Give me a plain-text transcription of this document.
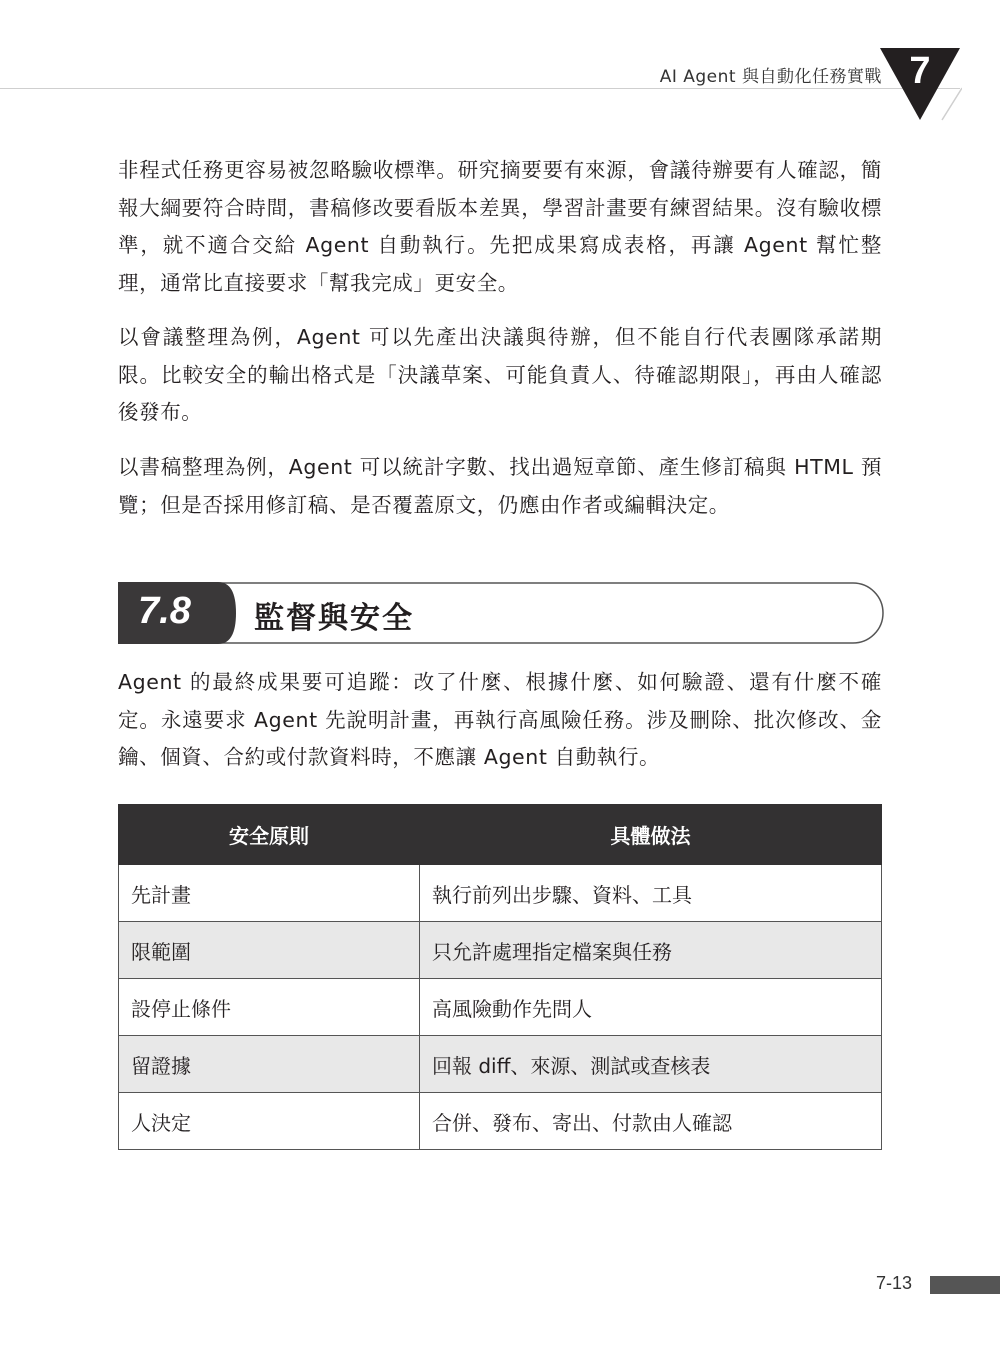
AI Agent 與自動化任務實戰 7

非程式任務更容易被忽略驗收標準。研究摘要要有來源，會議待辦要有人確認，簡報大綱要符合時間，書稿修改要看版本差異，學習計畫要有練習結果。沒有驗收標準，就不適合交給 Agent 自動執行。先把成果寫成表格，再讓 Agent 幫忙整理，通常比直接要求「幫我完成」更安全。

以會議整理為例，Agent 可以先產出決議與待辦，但不能自行代表團隊承諾期限。比較安全的輸出格式是「決議草案、可能負責人、待確認期限」，再由人確認後發布。

以書稿整理為例，Agent 可以統計字數、找出過短章節、產生修訂稿與 HTML 預覽；但是否採用修訂稿、是否覆蓋原文，仍應由作者或編輯決定。

7.8	監督與安全

Agent 的最終成果要可追蹤：改了什麼、根據什麼、如何驗證、還有什麼不確定。永遠要求 Agent 先說明計畫，再執行高風險任務。涉及刪除、批次修改、金鑰、個資、合約或付款資料時，不應讓 Agent 自動執行。

安全原則	具體做法
先計畫	執行前列出步驟、資料、工具
限範圍	只允許處理指定檔案與任務
設停止條件	高風險動作先問人
留證據	回報 diff、來源、測試或查核表
人決定	合併、發布、寄出、付款由人確認
7-13
